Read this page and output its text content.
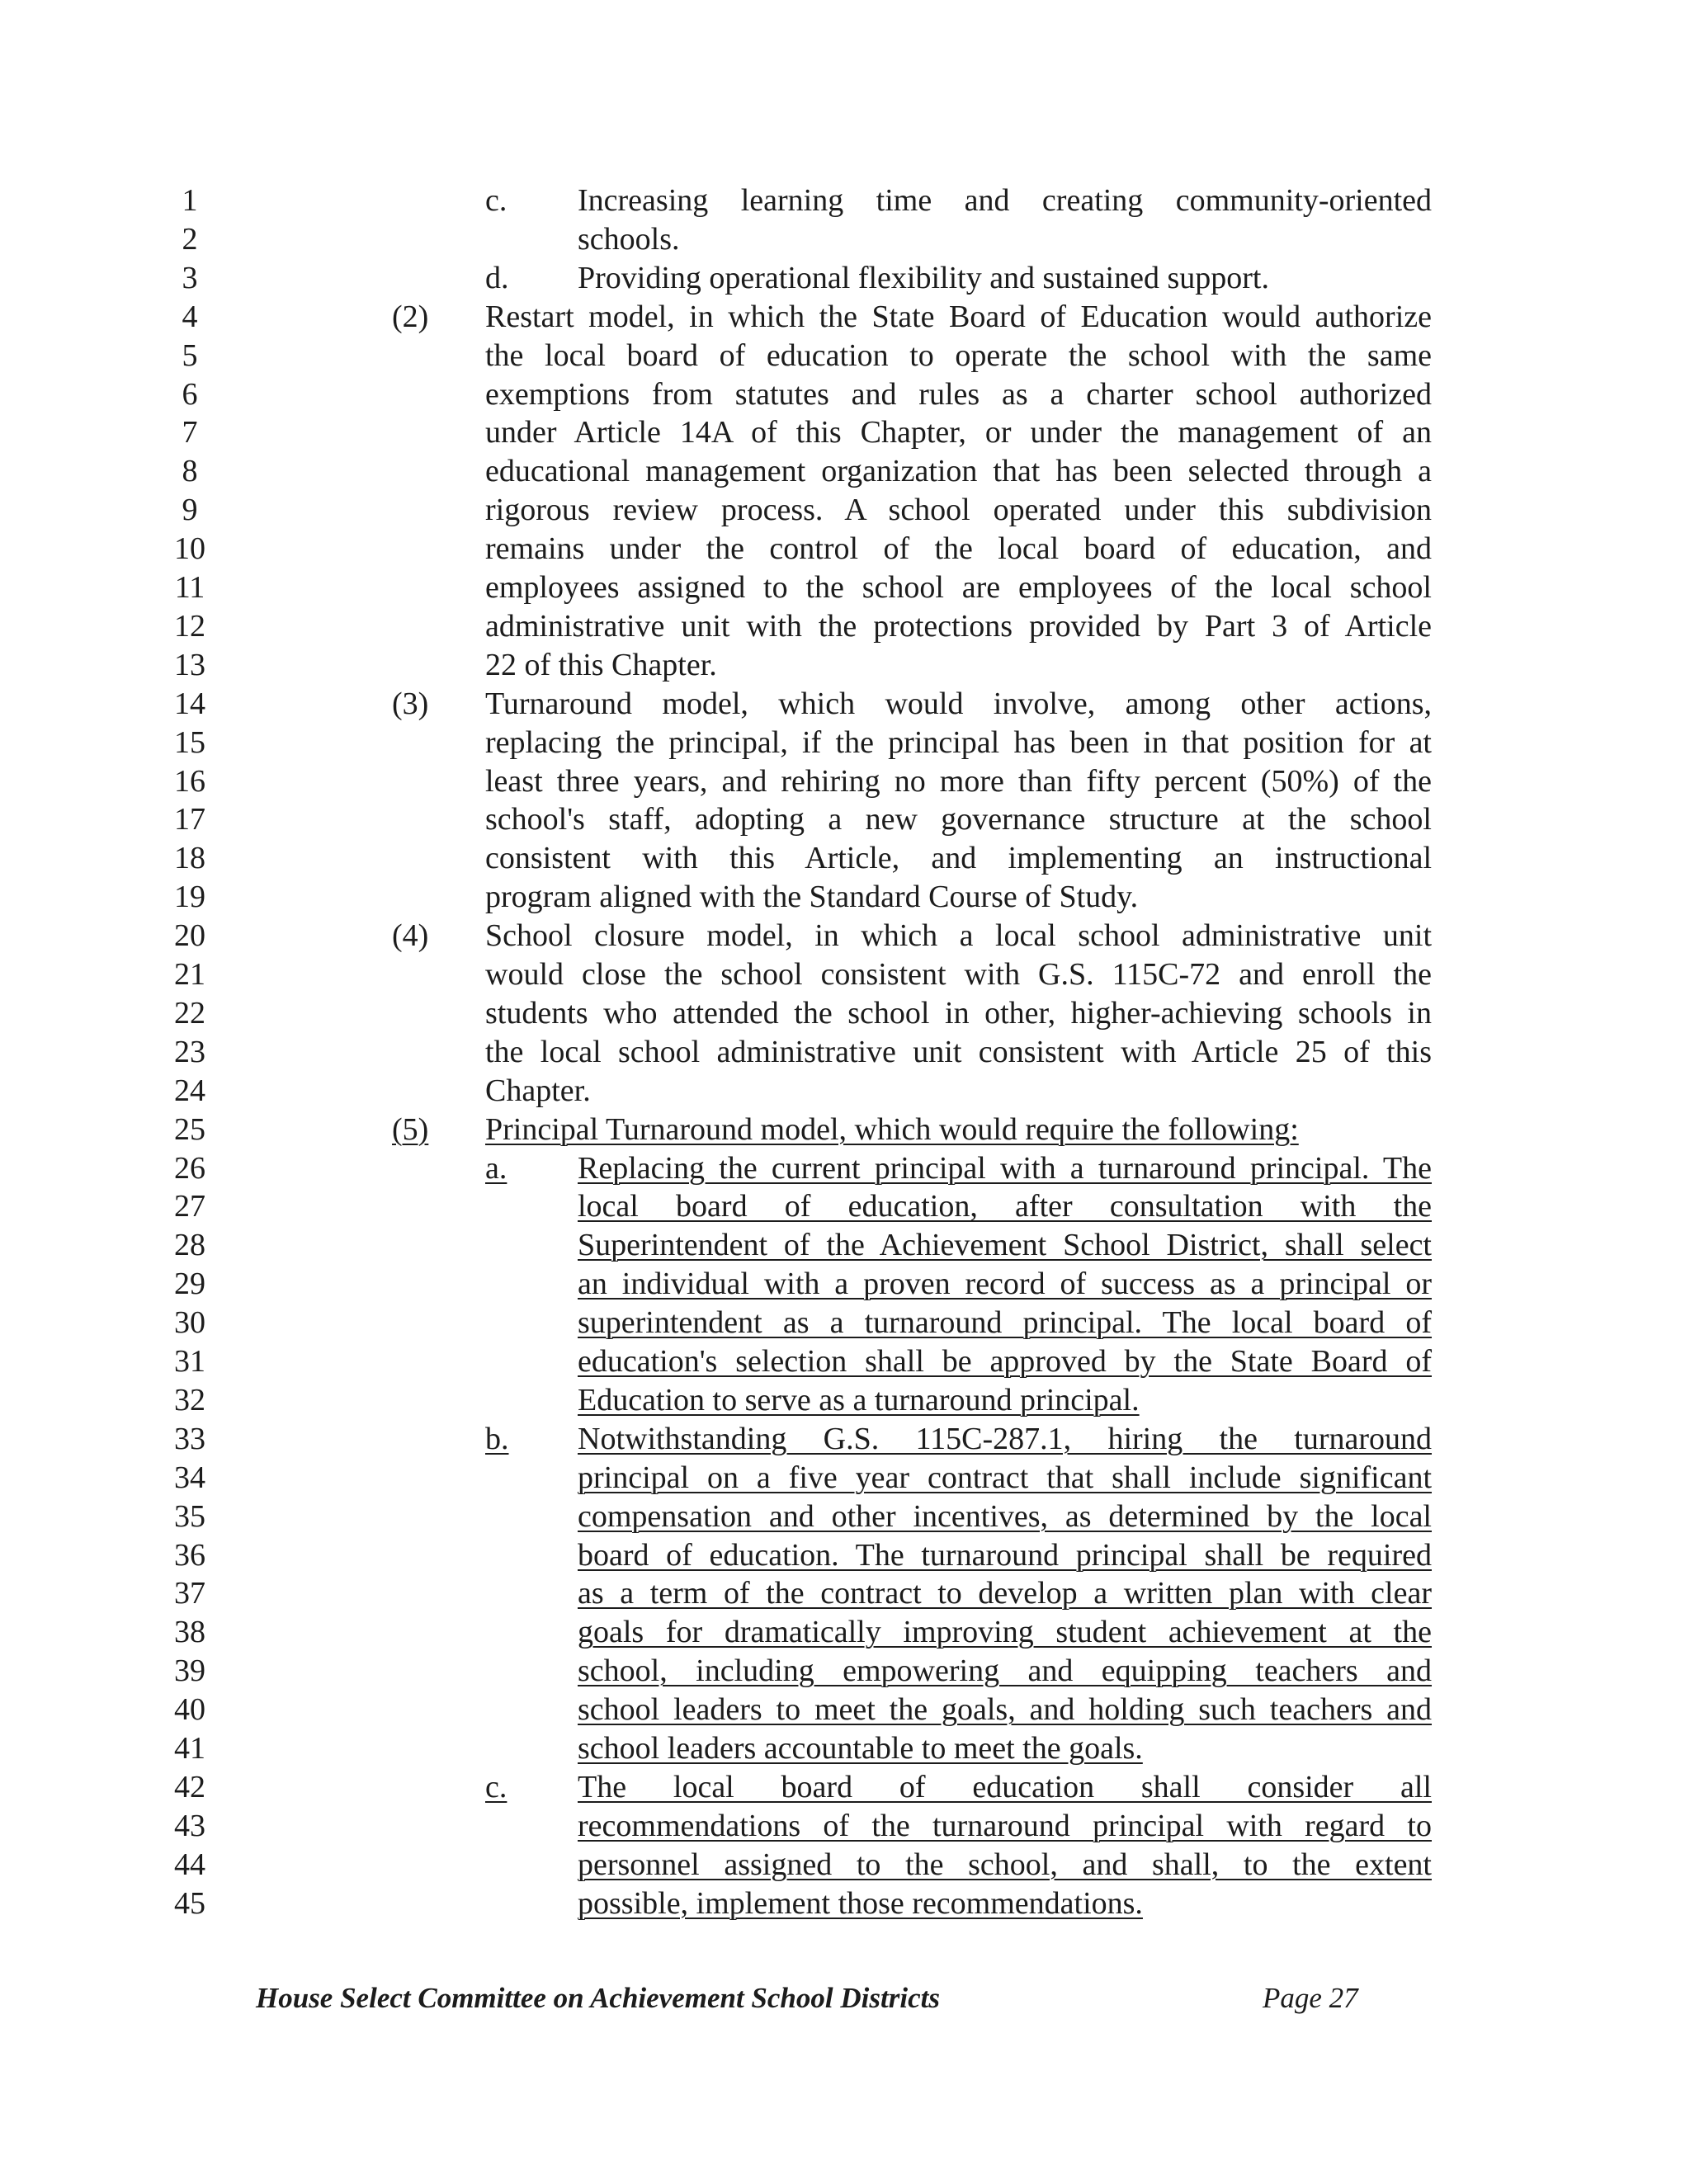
1	c. Increasing learning time and creating community-oriented
2	schools.
3	d. Providing operational flexibility and sustained support.
4	(2) Restart model, in which the State Board of Education would authorize
5	the local board of education to operate the school with the same
6	exemptions from statutes and rules as a charter school authorized
7	under Article 14A of this Chapter, or under the management of an
8	educational management organization that has been selected through a
9	rigorous review process. A school operated under this subdivision
10	remains under the control of the local board of education, and
11	employees assigned to the school are employees of the local school
12	administrative unit with the protections provided by Part 3 of Article
13	22 of this Chapter.
14	(3) Turnaround model, which would involve, among other actions,
15	replacing the principal, if the principal has been in that position for at
16	least three years, and rehiring no more than fifty percent (50%) of the
17	school's staff, adopting a new governance structure at the school
18	consistent with this Article, and implementing an instructional
19	program aligned with the Standard Course of Study.
20	(4) School closure model, in which a local school administrative unit
21	would close the school consistent with G.S. 115C-72 and enroll the
22	students who attended the school in other, higher-achieving schools in
23	the local school administrative unit consistent with Article 25 of this
24	Chapter.
25	(5) Principal Turnaround model, which would require the following:
26	a. Replacing the current principal with a turnaround principal. The
27	local board of education, after consultation with the
28	Superintendent of the Achievement School District, shall select
29	an individual with a proven record of success as a principal or
30	superintendent as a turnaround principal. The local board of
31	education's selection shall be approved by the State Board of
32	Education to serve as a turnaround principal.
33	b. Notwithstanding G.S. 115C-287.1, hiring the turnaround
34	principal on a five year contract that shall include significant
35	compensation and other incentives, as determined by the local
36	board of education. The turnaround principal shall be required
37	as a term of the contract to develop a written plan with clear
38	goals for dramatically improving student achievement at the
39	school, including empowering and equipping teachers and
40	school leaders to meet the goals, and holding such teachers and
41	school leaders accountable to meet the goals.
42	c. The local board of education shall consider all
43	recommendations of the turnaround principal with regard to
44	personnel assigned to the school, and shall, to the extent
45	possible, implement those recommendations.
House Select Committee on Achievement School Districts	Page 27
